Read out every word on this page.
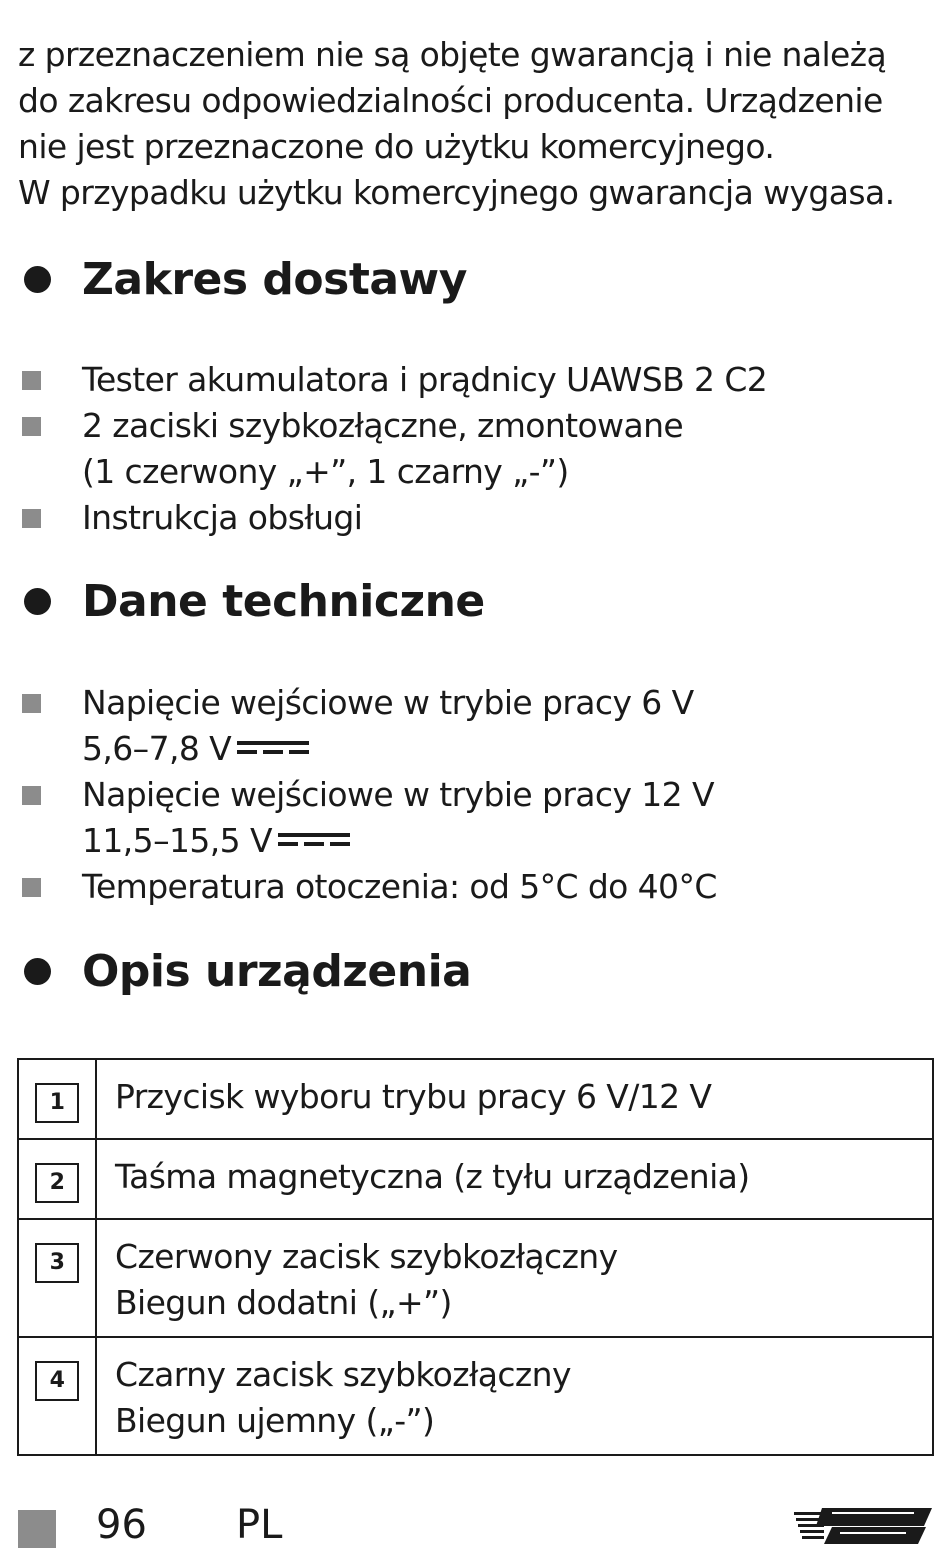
z przeznaczeniem nie są objęte gwarancją i nie należą

do zakresu odpowiedzialności producenta. Urządzenie

nie jest przeznaczone do użytku komercyjnego.

W przypadku użytku komercyjnego gwarancja wygasa.

Zakres dostawy
Tester akumulatora i prądnicy UAWSB 2 C2
2 zaciski szybkozłączne, zmontowane
(1 czerwony „+”, 1 czarny „-”)
Instrukcja obsługi
Dane techniczne
Napięcie wejściowe w trybie pracy 6 V
5,6–7,8 V
Napięcie wejściowe w trybie pracy 12 V
11,5–15,5 V
Temperatura otoczenia: od 5°C do 40°C
Opis urządzenia
1	Przycisk wyboru trybu pracy 6 V/12 V

2	Taśma magnetyczna (z tyłu urządzenia)

3	Czerwony zacisk szybkozłączny
Biegun dodatni („+”)

4	Czarny zacisk szybkozłączny
Biegun ujemny („-”)
96 PL
